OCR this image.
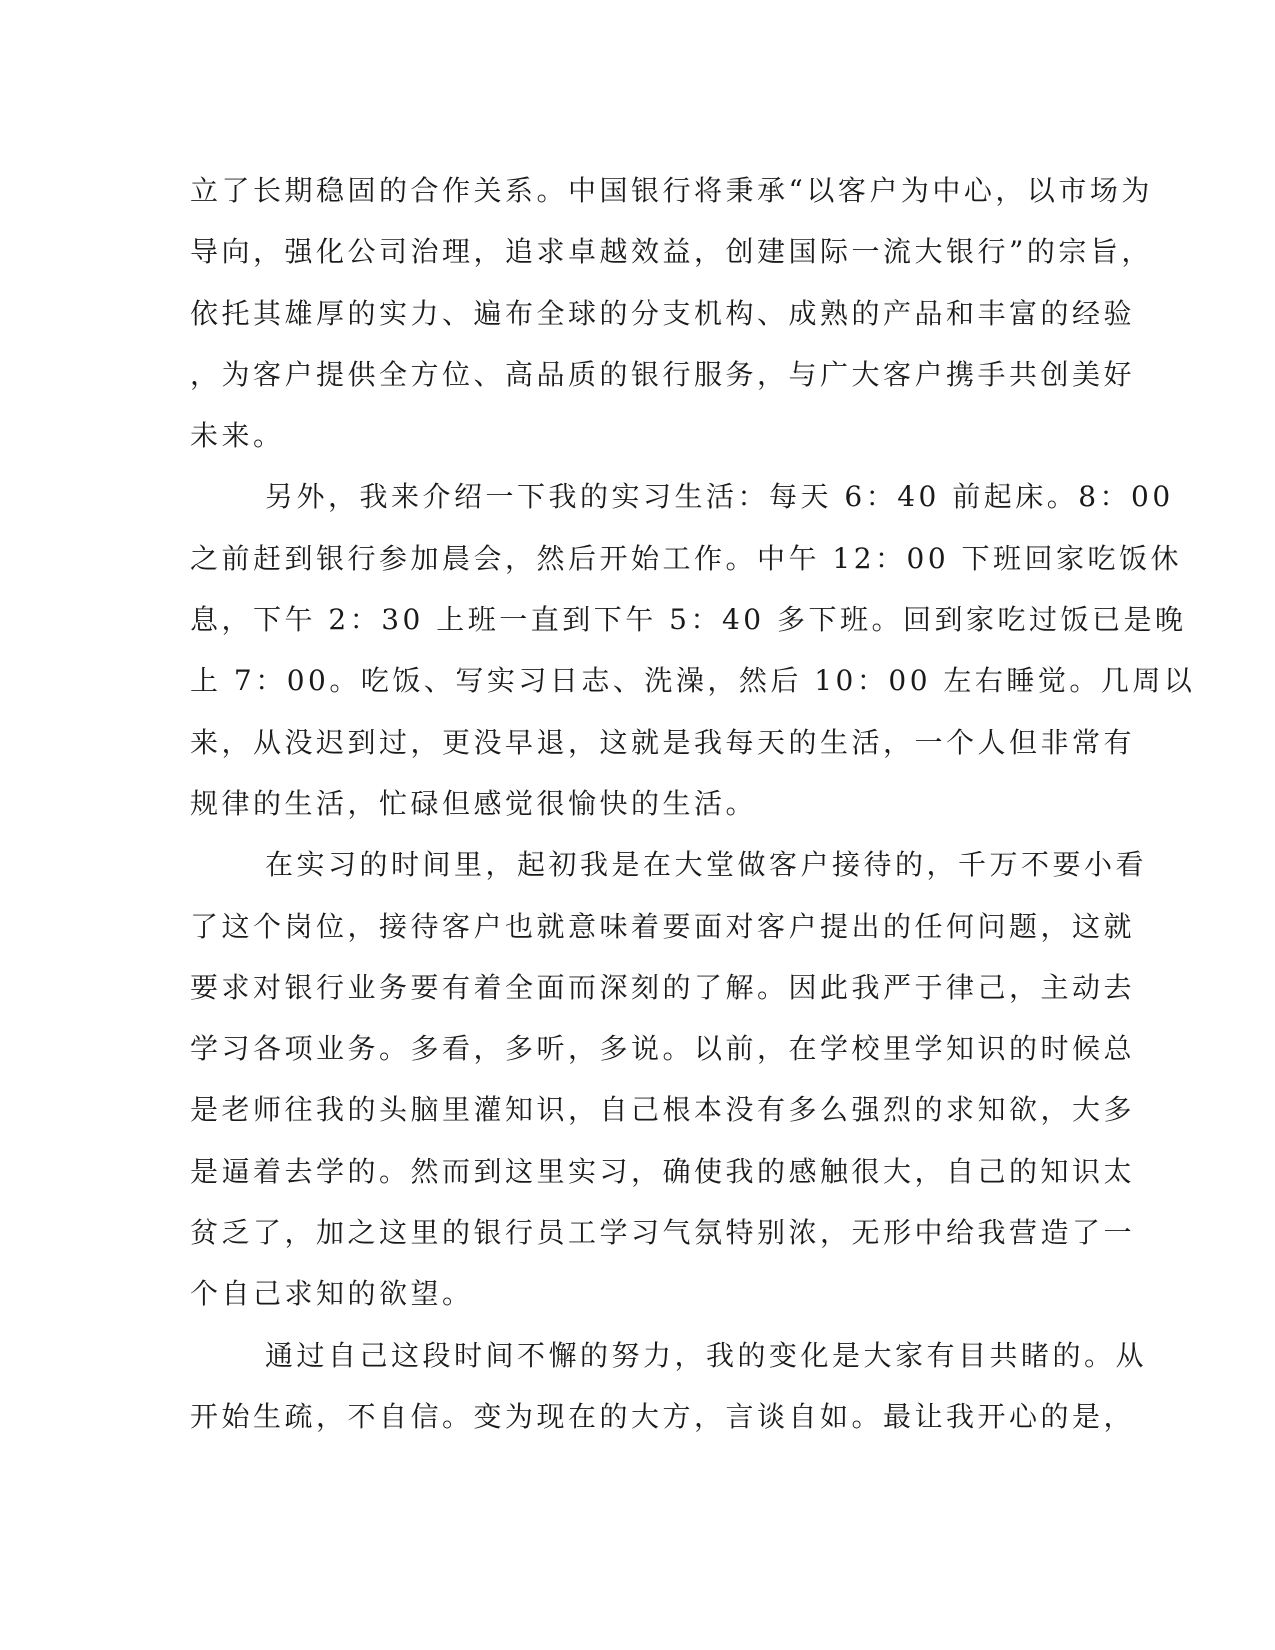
立了长期稳固的合作关系。中国银行将秉承“以客户为中心，以市场为
导向，强化公司治理，追求卓越效益，创建国际一流大银行”的宗旨，
依托其雄厚的实力、遍布全球的分支机构、成熟的产品和丰富的经验
，为客户提供全方位、高品质的银行服务，与广大客户携手共创美好
未来。
另外，我来介绍一下我的实习生活：每天 6：40 前起床。8：00
之前赶到银行参加晨会，然后开始工作。中午 12：00 下班回家吃饭休
息，下午 2：30 上班一直到下午 5：40 多下班。回到家吃过饭已是晚
上 7：00。吃饭、写实习日志、洗澡，然后 10：00 左右睡觉。几周以
来，从没迟到过，更没早退，这就是我每天的生活，一个人但非常有
规律的生活，忙碌但感觉很愉快的生活。
在实习的时间里，起初我是在大堂做客户接待的，千万不要小看
了这个岗位，接待客户也就意味着要面对客户提出的任何问题，这就
要求对银行业务要有着全面而深刻的了解。因此我严于律己，主动去
学习各项业务。多看，多听，多说。以前，在学校里学知识的时候总
是老师往我的头脑里灌知识，自己根本没有多么强烈的求知欲，大多
是逼着去学的。然而到这里实习，确使我的感触很大，自己的知识太
贫乏了，加之这里的银行员工学习气氛特别浓，无形中给我营造了一
个自己求知的欲望。
通过自己这段时间不懈的努力，我的变化是大家有目共睹的。从
开始生疏，不自信。变为现在的大方，言谈自如。最让我开心的是，
